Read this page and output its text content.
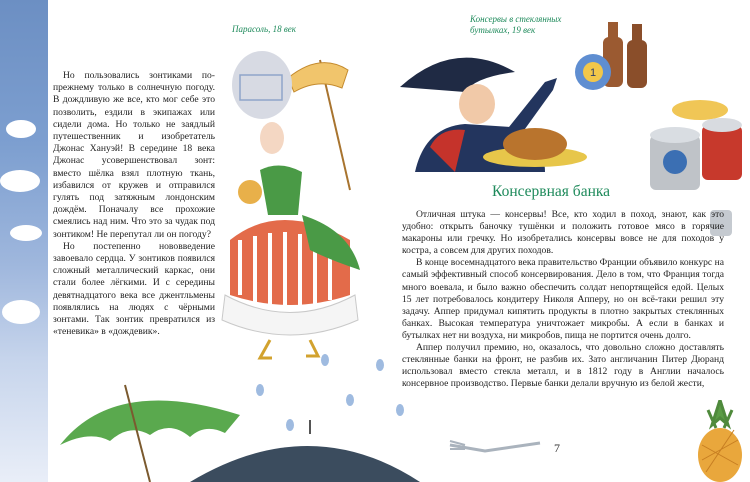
Но пользовались зонтиками по-прежнему только в солнечную погоду. В дождливую же все, кто мог себе это позволить, ездили в экипажах или сидели дома. Но только не заядлый путешественник и изобретатель Джонас Хануэй! В середине 18 века Джонас усовершенствовал зонт: вместо шёлка взял плотную ткань, избавился от кружев и отправился гулять под затяжным лондонским дождём. Поначалу все прохожие смеялись над ним. Что это за чудак под зонтиком! Не перепутал ли он погоду?

Но постепенно нововведение завоевало сердца. У зонтиков появился сложный металлический каркас, они стали более лёгкими. И с середины девятнадцатого века все джентльмены появлялись на людях с чёрными зонтами. Так зонтик превратился из «теневика» в «дождевик».

Парасоль, 18 век
Консервы в стеклянных бутылках, 19 век
1
Консервная банка

Отличная штука — консервы! Все, кто ходил в поход, знают, как это удобно: открыть баночку тушёнки и положить готовое мясо в горячие макароны или гречку. Но изобретались консервы вовсе не для походов у костра, а совсем для других походов.

В конце восемнадцатого века правительство Франции объявило конкурс на самый эффективный способ консервирования. Дело в том, что Франция тогда много воевала, и было важно обеспечить солдат непортящейся едой. Целых 15 лет потребовалось кондитеру Николя Апперу, но он всё-таки решил эту задачу. Аппер придумал кипятить продукты в плотно закрытых стеклянных банках. Высокая температура уничтожает микробы. А если в банках и бутылках нет ни воздуха, ни микробов, пища не портится очень долго.

Аппер получил премию, но, оказалось, что довольно сложно доставлять стеклянные банки на фронт, не разбив их. Зато англичанин Питер Дюранд использовал вместо стекла металл, и в 1812 году в Англии началось консервное производство. Первые банки делали вручную из белой жести,

7
